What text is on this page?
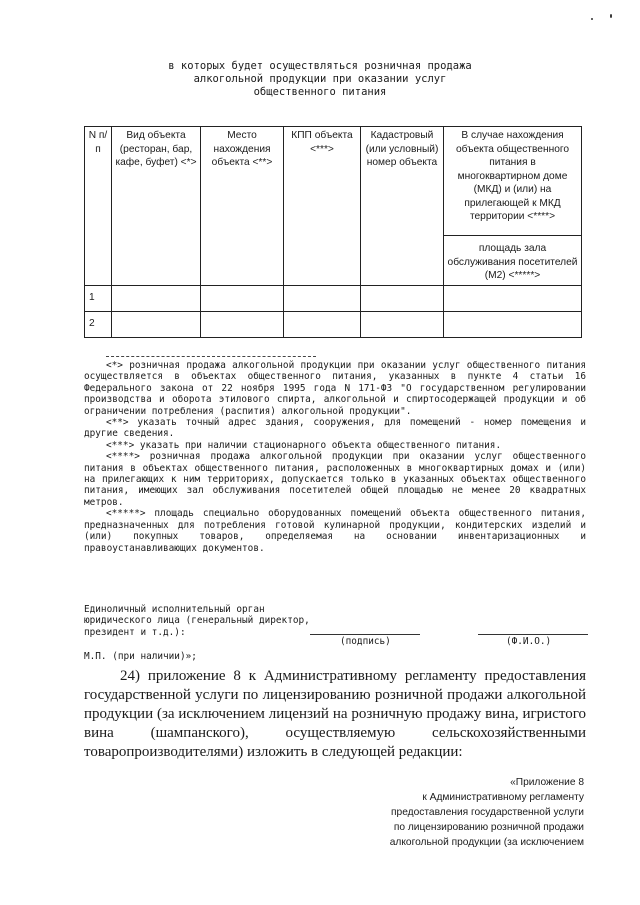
в которых будет осуществляться розничная продажа
алкогольной продукции при оказании услуг
общественного питания
N п/п	Вид объекта (ресторан, бар, кафе, буфет) <*>	Место нахождения объекта <**>	КПП объекта <***>	Кадастровый (или условный) номер объекта	В случае нахождения объекта общественного питания в многоквартирном доме (МКД) и (или) на прилегающей к МКД территории <****>
					площадь зала обслуживания посетителей (М2) <*****>
1					
2					

<*> розничная продажа алкогольной продукции при оказании услуг общественного питания осуществляется в объектах общественного питания, указанных в пункте 4 статьи 16 Федерального закона от 22 ноября 1995 года N 171-ФЗ "О государственном регулировании производства и оборота этилового спирта, алкогольной и спиртосодержащей продукции и об ограничении потребления (распития) алкогольной продукции".

<**> указать точный адрес здания, сооружения, для помещений - номер помещения и другие сведения.

<***> указать при наличии стационарного объекта общественного питания.

<****> розничная продажа алкогольной продукции при оказании услуг общественного питания в объектах общественного питания, расположенных в многоквартирных домах и (или) на прилегающих к ним территориях, допускается только в указанных объектах общественного питания, имеющих зал обслуживания посетителей общей площадью не менее 20 квадратных метров.

<*****> площадь специально оборудованных помещений объекта общественного питания, предназначенных для потребления готовой кулинарной продукции, кондитерских изделий и (или) покупных товаров, определяемая на основании инвентаризационных и правоустанавливающих документов.

Единоличный исполнительный орган
юридического лица (генеральный директор,
президент и т.д.):
(подпись)	(Ф.И.О.)
М.П. (при наличии)»;

24) приложение 8 к Административному регламенту предоставления государственной услуги по лицензированию розничной продажи алкогольной продукции (за исключением лицензий на розничную продажу вина, игристого вина (шампанского), осуществляемую сельскохозяйственными товаропроизводителями) изложить в следующей редакции:

«Приложение 8
к Административному регламенту
предоставления государственной услуги
по лицензированию розничной продажи
алкогольной продукции (за исключением
